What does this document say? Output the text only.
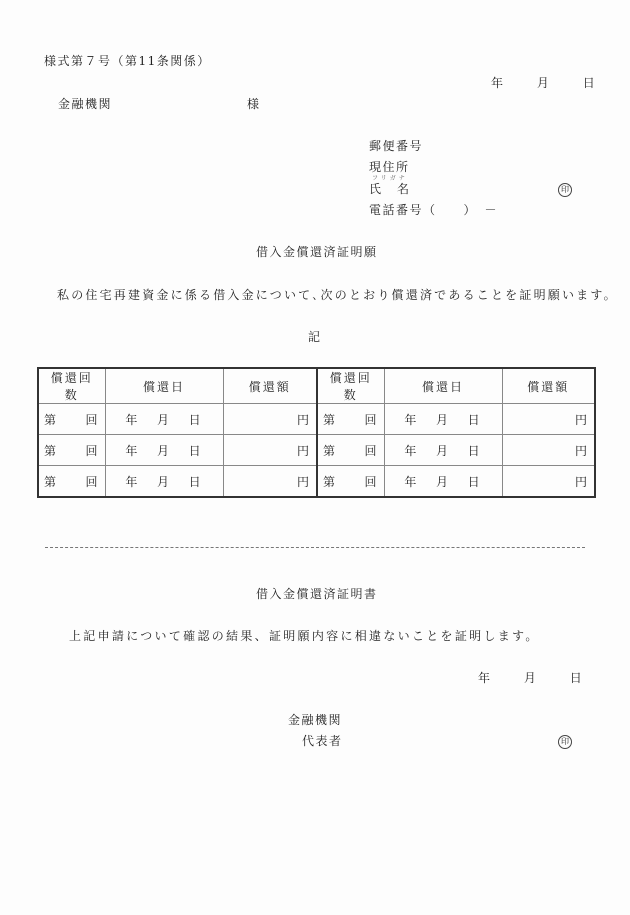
様式第７号（第11条関係）
年	月	日
金融機関	様
郵便番号
現住所
フリガナ
氏 名	印
電話番号（　　）　－
借入金償還済証明願
私の住宅再建資金に係る借入金について､次のとおり償還済であることを証明願います。
記
償還回数	償還日	償還額	償還回数	償還日	償還額

第 回	年 月 日	円	第 回	年 月 日	円

第 回	年 月 日	円	第 回	年 月 日	円

第 回	年 月 日	円	第 回	年 月 日	円
借入金償還済証明書
上記申請について確認の結果、証明願内容に相違ないことを証明します。
年	月	日
金融機関
代表者	印
